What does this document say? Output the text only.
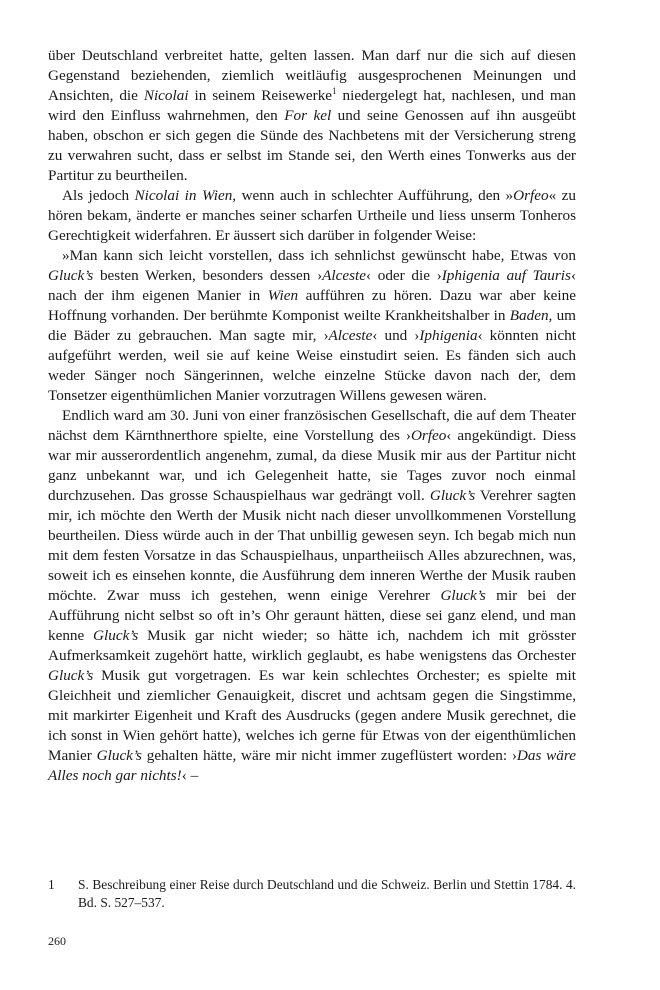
über Deutschland verbreitet hatte, gelten lassen. Man darf nur die sich auf diesen Gegenstand beziehenden, ziemlich weitläufig ausgesprochenen Meinungen und Ansichten, die Nicolai in seinem Reisewerke$^1$ niedergelegt hat, nachlesen, und man wird den Einfluss wahrnehmen, den For kel und seine Genossen auf ihn ausgeübt haben, obschon er sich gegen die Sünde des Nachbetens mit der Versicherung streng zu verwahren sucht, dass er selbst im Stande sei, den Werth eines Tonwerks aus der Partitur zu beurtheilen.

Als jedoch Nicolai in Wien, wenn auch in schlechter Aufführung, den »Orfeo« zu hören bekam, änderte er manches seiner scharfen Urtheile und liess unserm Tonheros Gerechtigkeit widerfahren. Er äussert sich darüber in folgender Weise:

»Man kann sich leicht vorstellen, dass ich sehnlichst gewünscht habe, Etwas von Gluck’s besten Werken, besonders dessen ›Alceste‹ oder die ›Iphigenia auf Tauris‹ nach der ihm eigenen Manier in Wien aufführen zu hören. Dazu war aber keine Hoffnung vorhanden. Der berühmte Komponist weilte Krankheitshalber in Baden, um die Bäder zu gebrauchen. Man sagte mir, ›Alceste‹ und ›Iphigenia‹ könnten nicht aufgeführt werden, weil sie auf keine Weise einstudirt seien. Es fänden sich auch weder Sänger noch Sängerinnen, welche einzelne Stücke davon nach der, dem Tonsetzer eigenthümlichen Manier vorzutragen Willens gewesen wären.

Endlich ward am 30. Juni von einer französischen Gesellschaft, die auf dem Theater nächst dem Kärnthnerthore spielte, eine Vorstellung des ›Orfeo‹ angekündigt. Diess war mir ausserordentlich angenehm, zumal, da diese Musik mir aus der Partitur nicht ganz unbekannt war, und ich Gelegenheit hatte, sie Tages zuvor noch einmal durchzusehen. Das grosse Schauspielhaus war gedrängt voll. Gluck’s Verehrer sagten mir, ich möchte den Werth der Musik nicht nach dieser unvollkommenen Vorstellung beurtheilen. Diess würde auch in der That unbillig gewesen seyn. Ich begab mich nun mit dem festen Vorsatze in das Schauspielhaus, unpartheiisch Alles abzurechnen, was, soweit ich es einsehen konnte, die Ausführung dem inneren Werthe der Musik rauben möchte. Zwar muss ich gestehen, wenn einige Verehrer Gluck’s mir bei der Aufführung nicht selbst so oft in’s Ohr geraunt hätten, diese sei ganz elend, und man kenne Gluck’s Musik gar nicht wieder; so hätte ich, nachdem ich mit grösster Aufmerksamkeit zugehört hatte, wirklich geglaubt, es habe wenigstens das Orchester Gluck’s Musik gut vorgetragen. Es war kein schlechtes Orchester; es spielte mit Gleichheit und ziemlicher Genauigkeit, discret und achtsam gegen die Singstimme, mit markirter Eigenheit und Kraft des Ausdrucks (gegen andere Musik gerechnet, die ich sonst in Wien gehört hatte), welches ich gerne für Etwas von der eigenthümlichen Manier Gluck’s gehalten hätte, wäre mir nicht immer zugeflüstert worden: ›Das wäre Alles noch gar nichts!‹ –

1	S. Beschreibung einer Reise durch Deutschland und die Schweiz. Berlin und Stettin 1784. 4. Bd. S. 527–537.
260
